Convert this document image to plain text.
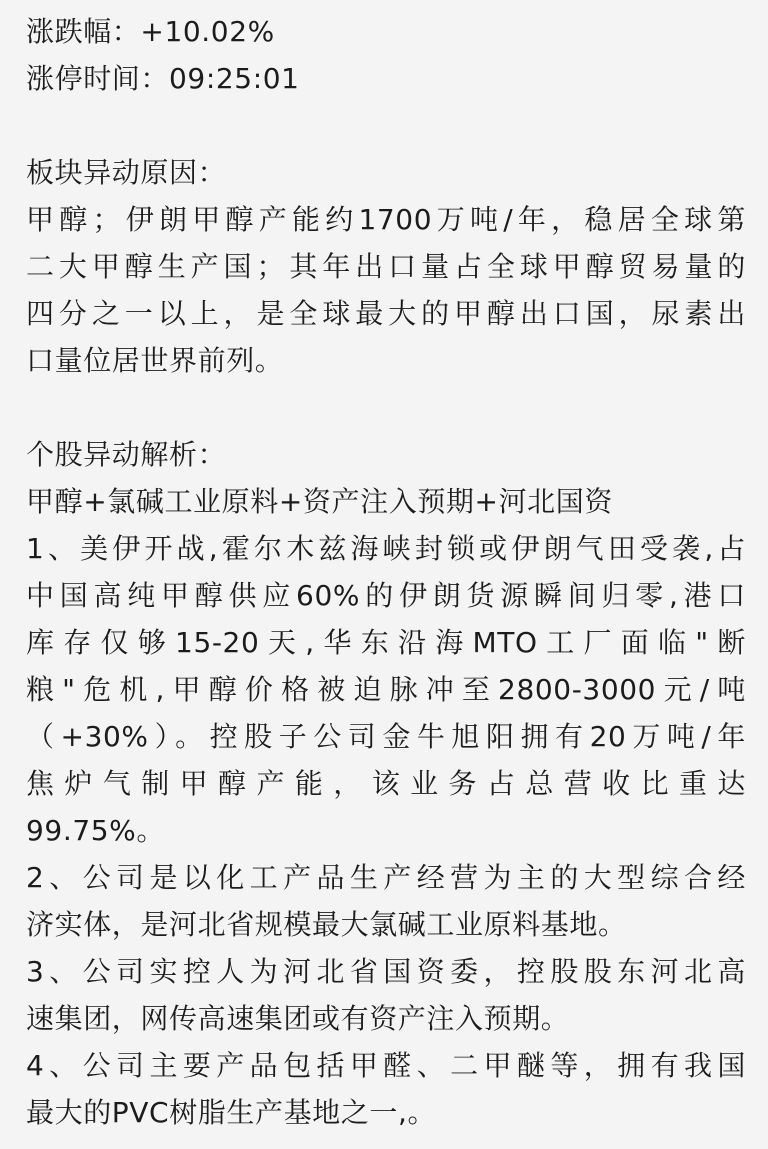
涨跌幅：+10.02%
涨停时间：09:25:01
板块异动原因：
甲醇；伊朗甲醇产能约1700万吨/年，稳居全球第
二大甲醇生产国；其年出口量占全球甲醇贸易量的
四分之一以上，是全球最大的甲醇出口国，尿素出
口量位居世界前列。
个股异动解析：
甲醇+氯碱工业原料+资产注入预期+河北国资
1、美伊开战,霍尔木兹海峡封锁或伊朗气田受袭,占
中国高纯甲醇供应60%的伊朗货源瞬间归零,港口
库存仅够15-20天,华东沿海MTO工厂面临"断
粮"危机,甲醇价格被迫脉冲至2800-3000元/吨
（+30%）。控股子公司金牛旭阳拥有20万吨/年
焦炉气制甲醇产能，该业务占总营收比重达
99.75%。
2、公司是以化工产品生产经营为主的大型综合经
济实体，是河北省规模最大氯碱工业原料基地。
3、公司实控人为河北省国资委，控股股东河北高
速集团，网传高速集团或有资产注入预期。
4、公司主要产品包括甲醛、二甲醚等，拥有我国
最大的PVC树脂生产基地之一,。
